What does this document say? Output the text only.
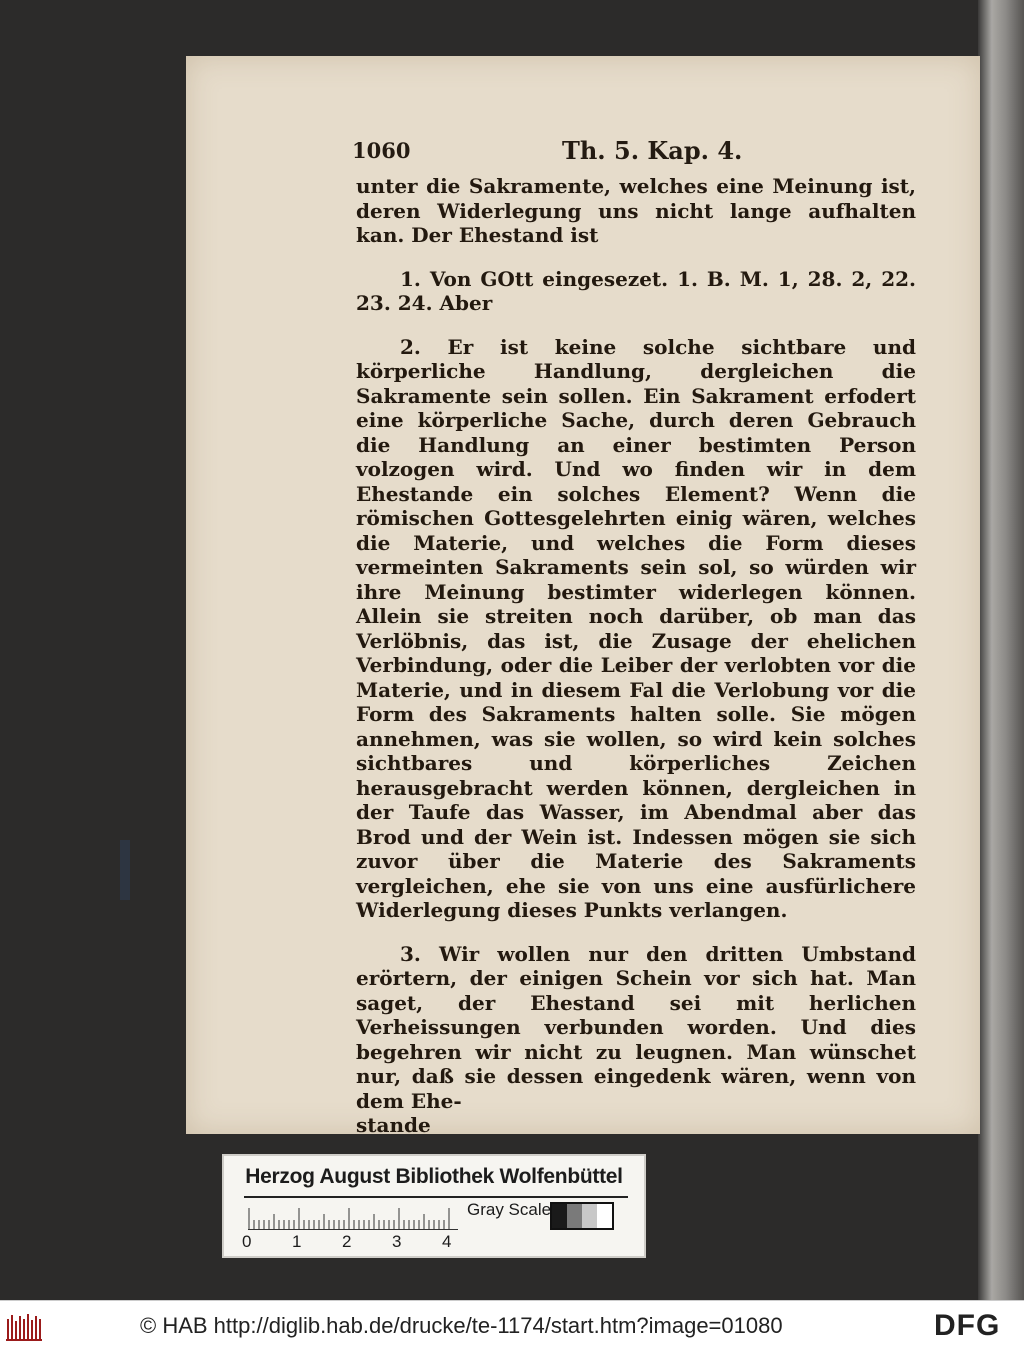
1060	Th. 5. Kap. 4.

unter die Sakramente, welches eine Meinung ist, deren Widerlegung uns nicht lange aufhalten kan. Der Ehestand ist

1. Von GOtt eingesezet. 1. B. M. 1, 28. 2, 22. 23. 24. Aber

2. Er ist keine solche sichtbare und körperliche Handlung, dergleichen die Sakramente sein sollen. Ein Sakrament erfodert eine körperliche Sache, durch deren Gebrauch die Handlung an einer bestimten Person volzogen wird. Und wo finden wir in dem Ehestande ein solches Element? Wenn die römischen Gottesgelehrten einig wären, welches die Materie, und welches die Form dieses vermeinten Sakraments sein sol, so würden wir ihre Meinung bestimter widerlegen können. Allein sie streiten noch darüber, ob man das Verlöbnis, das ist, die Zusage der ehelichen Verbindung, oder die Leiber der verlobten vor die Materie, und in diesem Fal die Verlobung vor die Form des Sakraments halten solle. Sie mögen annehmen, was sie wollen, so wird kein solches sichtbares und körperliches Zeichen herausgebracht werden können, dergleichen in der Taufe das Wasser, im Abendmal aber das Brod und der Wein ist. Indessen mögen sie sich zuvor über die Materie des Sakraments vergleichen, ehe sie von uns eine ausfürlichere Widerlegung dieses Punkts verlangen.

3. Wir wollen nur den dritten Umbstand erörtern, der einigen Schein vor sich hat. Man saget, der Ehestand sei mit herlichen Verheissungen verbunden worden. Und dies begehren wir nicht zu leugnen. Man wünschet nur, daß sie dessen eingedenk wären, wenn von dem Ehe-

stande

Herzog August Bibliothek Wolfenbüttel
0 1 2 3 4
Gray Scale
© HAB http://diglib.hab.de/drucke/te-1174/start.htm?image=01080	DFG
